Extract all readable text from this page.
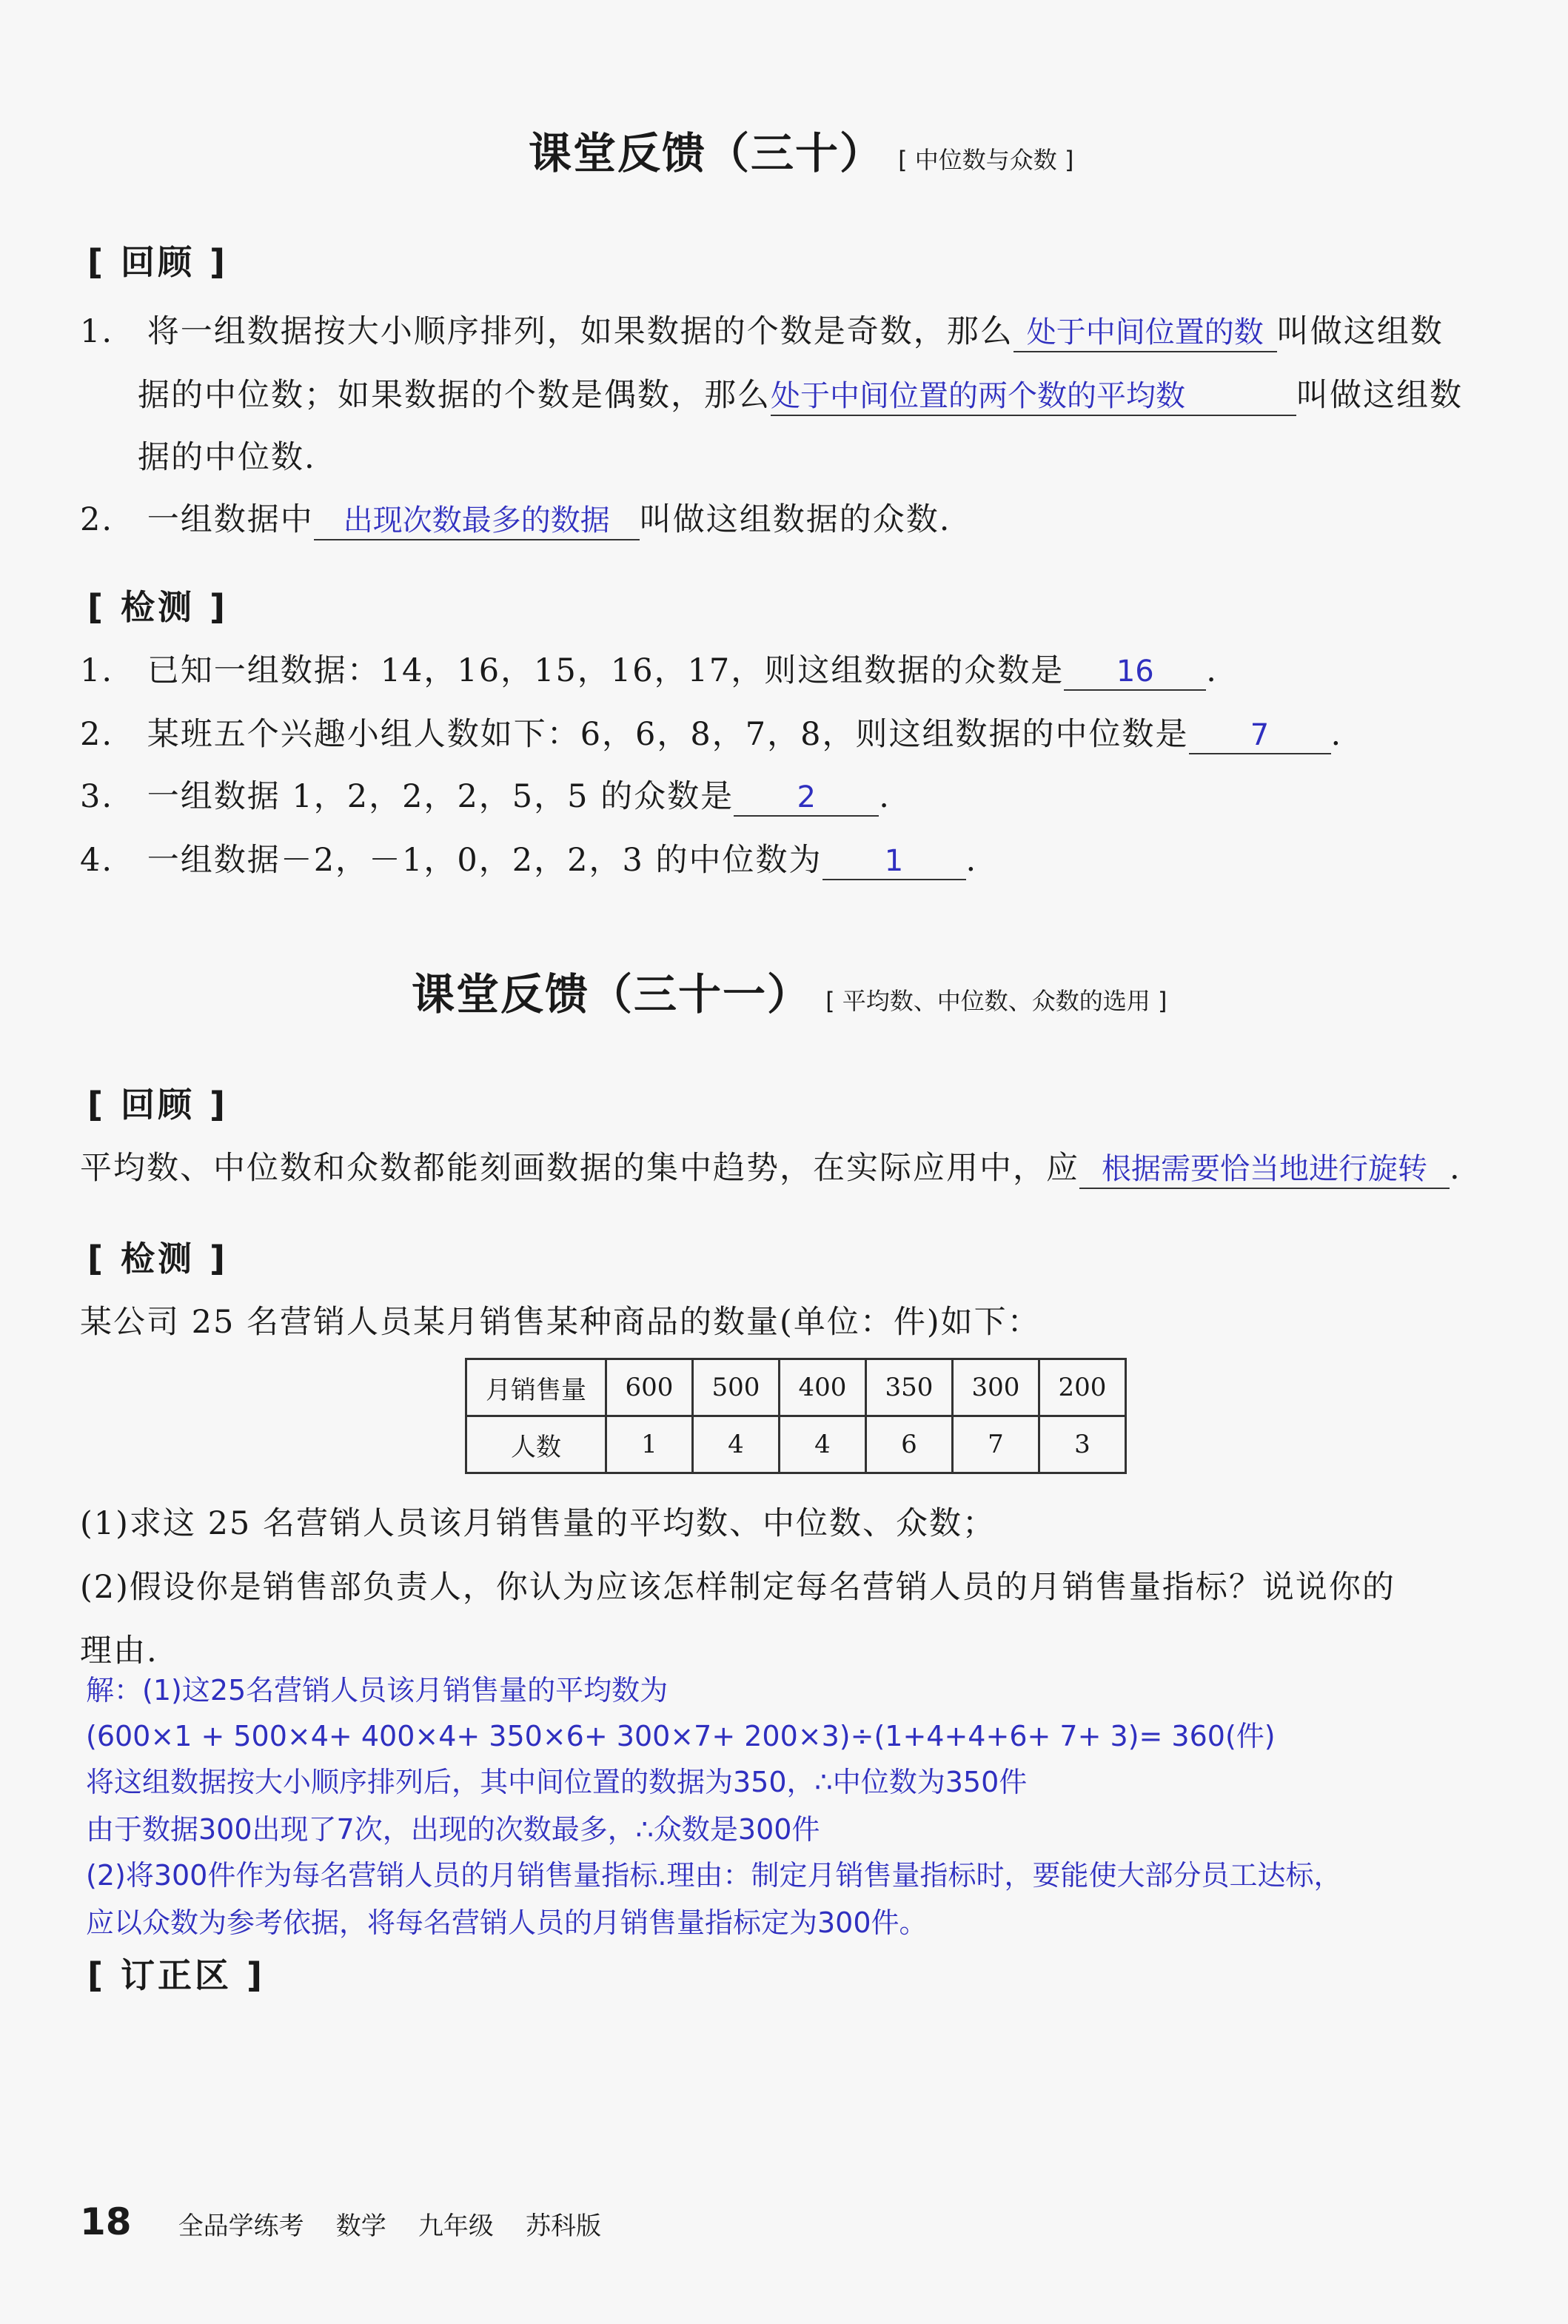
课堂反馈（三十） [ 中位数与众数 ]
[ 回顾 ]
1. 将一组数据按大小顺序排列，如果数据的个数是奇数，那么 处于中间位置的数 叫做这组数
据的中位数；如果数据的个数是偶数，那么处于中间位置的两个数的平均数	叫做这组数
据的中位数.
2. 一组数据中 出现次数最多的数据 叫做这组数据的众数.
[ 检测 ]
1. 已知一组数据：14，16，15，16，17，则这组数据的众数是 16 .
2. 某班五个兴趣小组人数如下：6，6，8，7，8，则这组数据的中位数是 7 .
3. 一组数据 1，2，2，2，5，5 的众数是 2 .
4. 一组数据－2，－1，0，2，2，3 的中位数为 1 .
课堂反馈（三十一） [ 平均数、中位数、众数的选用 ]
[ 回顾 ]
平均数、中位数和众数都能刻画数据的集中趋势，在实际应用中，应 根据需要恰当地进行旋转 .
[ 检测 ]
某公司 25 名营销人员某月销售某种商品的数量(单位：件)如下：
月销售量	600	500	400	350	300	200
人数	1	4	4	6	7	3
(1)求这 25 名营销人员该月销售量的平均数、中位数、众数；
(2)假设你是销售部负责人，你认为应该怎样制定每名营销人员的月销售量指标？说说你的
理由.
解：(1)这25名营销人员该月销售量的平均数为
(600×1 + 500×4+ 400×4+ 350×6+ 300×7+ 200×3)÷(1+4+4+6+ 7+ 3)= 360(件)
将这组数据按大小顺序排列后，其中间位置的数据为350，∴中位数为350件
由于数据300出现了7次，出现的次数最多，∴众数是300件
(2)将300件作为每名营销人员的月销售量指标.理由：制定月销售量指标时，要能使大部分员工达标，
应以众数为参考依据，将每名营销人员的月销售量指标定为300件。
[ 订正区 ]
18 全品学练考 数学 九年级 苏科版
